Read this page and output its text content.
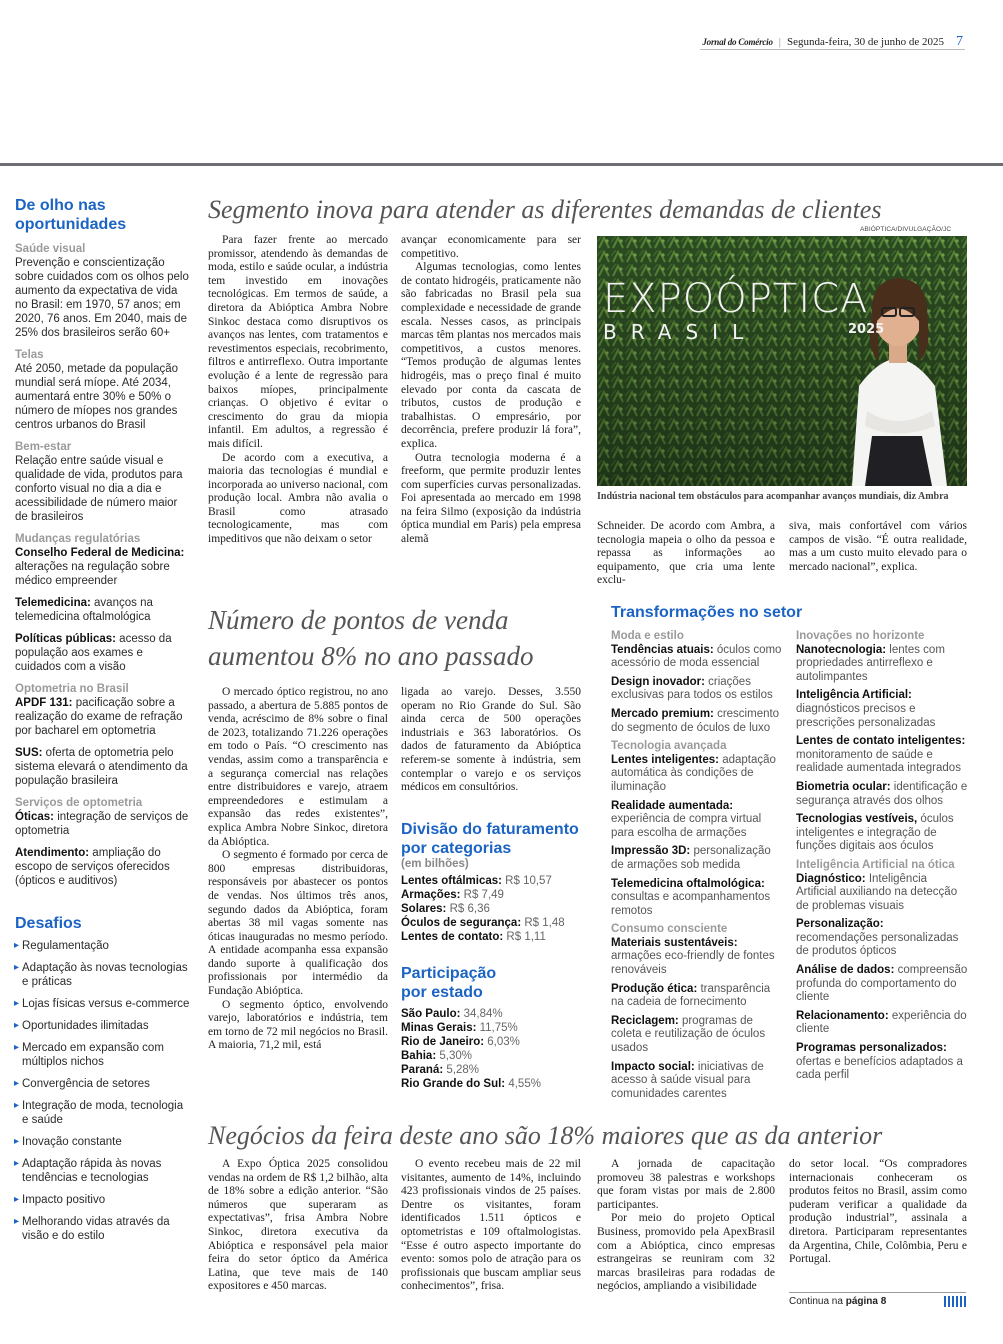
Jornal do Comércio | Segunda-feira, 30 de junho de 2025 7
De olho nas oportunidades
Saúde visual
Prevenção e conscientização sobre cuidados com os olhos pelo aumento da expectativa de vida no Brasil: em 1970, 57 anos; em 2020, 76 anos. Em 2040, mais de 25% dos brasileiros serão 60+
Telas
Até 2050, metade da população mundial será míope. Até 2034, aumentará entre 30% e 50% o número de míopes nos grandes centros urbanos do Brasil
Bem-estar
Relação entre saúde visual e qualidade de vida, produtos para conforto visual no dia a dia e acessibilidade de número maior de brasileiros
Mudanças regulatórias
Conselho Federal de Medicina: alterações na regulação sobre médico empreender
Telemedicina: avanços na telemedicina oftalmológica
Políticas públicas: acesso da população aos exames e cuidados com a visão
Optometria no Brasil
APDF 131: pacificação sobre a realização do exame de refração por bacharel em optometria
SUS: oferta de optometria pelo sistema elevará o atendimento da população brasileira
Serviços de optometria
Óticas: integração de serviços de optometria
Atendimento: ampliação do escopo de serviços oferecidos (ópticos e auditivos)
Desafios
▸ Regulamentação
▸ Adaptação às novas tecnologias e práticas
▸ Lojas físicas versus e-commerce
▸ Oportunidades ilimitadas
▸ Mercado em expansão com múltiplos nichos
▸ Convergência de setores
▸ Integração de moda, tecnologia e saúde
▸ Inovação constante
▸ Adaptação rápida às novas tendências e tecnologias
▸ Impacto positivo
▸ Melhorando vidas através da visão e do estilo
Segmento inova para atender as diferentes demandas de clientes

Para fazer frente ao mercado promissor, atendendo às demandas de moda, estilo e saúde ocular, a indústria tem investido em inovações tecnológicas. Em termos de saúde, a diretora da Abióptica Ambra Nobre Sinkoc destaca como disruptivos os avanços nas lentes, com tratamentos e revestimentos especiais, recobrimento, filtros e antirreflexo. Outra importante evolução é a lente de regressão para baixos míopes, principalmente crianças. O objetivo é evitar o crescimento do grau da miopia infantil. Em adultos, a regressão é mais difícil.

De acordo com a executiva, a maioria das tecnologias é mundial e incorporada ao universo nacional, com produção local. Ambra não avalia o Brasil como atrasado tecnologicamente, mas com impeditivos que não deixam o setor

avançar economicamente para ser competitivo.

Algumas tecnologias, como lentes de contato hidrogéis, praticamente não são fabricadas no Brasil pela sua complexidade e necessidade de grande escala. Nesses casos, as principais marcas têm plantas nos mercados mais competitivos, a custos menores. “Temos produção de algumas lentes hidrogéis, mas o preço final é muito elevado por conta da cascata de tributos, custos de produção e trabalhistas. O empresário, por decorrência, prefere produzir lá fora”, explica.

Outra tecnologia moderna é a freeform, que permite produzir lentes com superfícies curvas personalizadas. Foi apresentada ao mercado em 1998 na feira Silmo (exposição da indústria óptica mundial em Paris) pela empresa alemã

Schneider. De acordo com Ambra, a tecnologia mapeia o olho da pessoa e repassa as informações ao equipamento, que cria uma lente exclu-

siva, mais confortável com vários campos de visão. “É outra realidade, mas a um custo muito elevado para o mercado nacional”, explica.

ABIÓPTICA/DIVULGAÇÃO/JC
EXPOÓPTICA
BRASIL	2025
Indústria nacional tem obstáculos para acompanhar avanços mundiais, diz Ambra
Número de pontos de venda aumentou 8% no ano passado

O mercado óptico registrou, no ano passado, a abertura de 5.885 pontos de venda, acréscimo de 8% sobre o final de 2023, totalizando 71.226 operações em todo o País. “O crescimento nas vendas, assim como a transparência e a segurança comercial nas relações entre distribuidores e varejo, atraem empreendedores e estimulam a expansão das redes existentes”, explica Ambra Nobre Sinkoc, diretora da Abióptica.

O segmento é formado por cerca de 800 empresas distribuidoras, responsáveis por abastecer os pontos de vendas. Nos últimos três anos, segundo dados da Abióptica, foram abertas 38 mil vagas somente nas óticas inauguradas no mesmo período. A entidade acompanha essa expansão dando suporte à qualificação dos profissionais por intermédio da Fundação Abióptica.

O segmento óptico, envolvendo varejo, laboratórios e indústria, tem em torno de 72 mil negócios no Brasil. A maioria, 71,2 mil, está

ligada ao varejo. Desses, 3.550 operam no Rio Grande do Sul. São ainda cerca de 500 operações industriais e 363 laboratórios. Os dados de faturamento da Abióptica referem-se somente à indústria, sem contemplar o varejo e os serviços médicos em consultórios.

Divisão do faturamento por categorias
(em bilhões)
Lentes oftálmicas: R$ 10,57
Armações: R$ 7,49
Solares: R$ 6,36
Óculos de segurança: R$ 1,48
Lentes de contato: R$ 1,11
Participação por estado
São Paulo: 34,84%
Minas Gerais: 11,75%
Rio de Janeiro: 6,03%
Bahia: 5,30%
Paraná: 5,28%
Rio Grande do Sul: 4,55%
Transformações no setor
Moda e estilo
Tendências atuais: óculos como acessório de moda essencial
Design inovador: criações exclusivas para todos os estilos
Mercado premium: crescimento do segmento de óculos de luxo
Tecnologia avançada
Lentes inteligentes: adaptação automática às condições de iluminação
Realidade aumentada: experiência de compra virtual para escolha de armações
Impressão 3D: personalização de armações sob medida
Telemedicina oftalmológica: consultas e acompanhamentos remotos
Consumo consciente
Materiais sustentáveis: armações eco-friendly de fontes renováveis
Produção ética: transparência na cadeia de fornecimento
Reciclagem: programas de coleta e reutilização de óculos usados
Impacto social: iniciativas de acesso à saúde visual para comunidades carentes
Inovações no horizonte
Nanotecnologia: lentes com propriedades antirreflexo e autolimpantes
Inteligência Artificial: diagnósticos precisos e prescrições personalizadas
Lentes de contato inteligentes: monitoramento de saúde e realidade aumentada integrados
Biometria ocular: identificação e segurança através dos olhos
Tecnologias vestíveis, óculos inteligentes e integração de funções digitais aos óculos
Inteligência Artificial na ótica
Diagnóstico: Inteligência Artificial auxiliando na detecção de problemas visuais
Personalização: recomendações personalizadas de produtos ópticos
Análise de dados: compreensão profunda do comportamento do cliente
Relacionamento: experiência do cliente
Programas personalizados: ofertas e benefícios adaptados a cada perfil
Negócios da feira deste ano são 18% maiores que as da anterior

A Expo Óptica 2025 consolidou vendas na ordem de R$ 1,2 bilhão, alta de 18% sobre a edição anterior. “São números que superaram as expectativas”, frisa Ambra Nobre Sinkoc, diretora executiva da Abióptica e responsável pela maior feira do setor óptico da América Latina, que teve mais de 140 expositores e 450 marcas.

O evento recebeu mais de 22 mil visitantes, aumento de 14%, incluindo 423 profissionais vindos de 25 países. Dentre os visitantes, foram identificados 1.511 ópticos e optometristas e 109 oftalmologistas. “Esse é outro aspecto importante do evento: somos polo de atração para os profissionais que buscam ampliar seus conhecimentos”, frisa.

A jornada de capacitação promoveu 38 palestras e workshops que foram vistas por mais de 2.800 participantes.

Por meio do projeto Optical Business, promovido pela ApexBrasil com a Abióptica, cinco empresas estrangeiras se reuniram com 32 marcas brasileiras para rodadas de negócios, ampliando a visibilidade

do setor local. “Os compradores internacionais conheceram os produtos feitos no Brasil, assim como puderam verificar a qualidade da produção industrial”, assinala a diretora. Participaram representantes da Argentina, Chile, Colômbia, Peru e Portugal.

Continua na página 8
